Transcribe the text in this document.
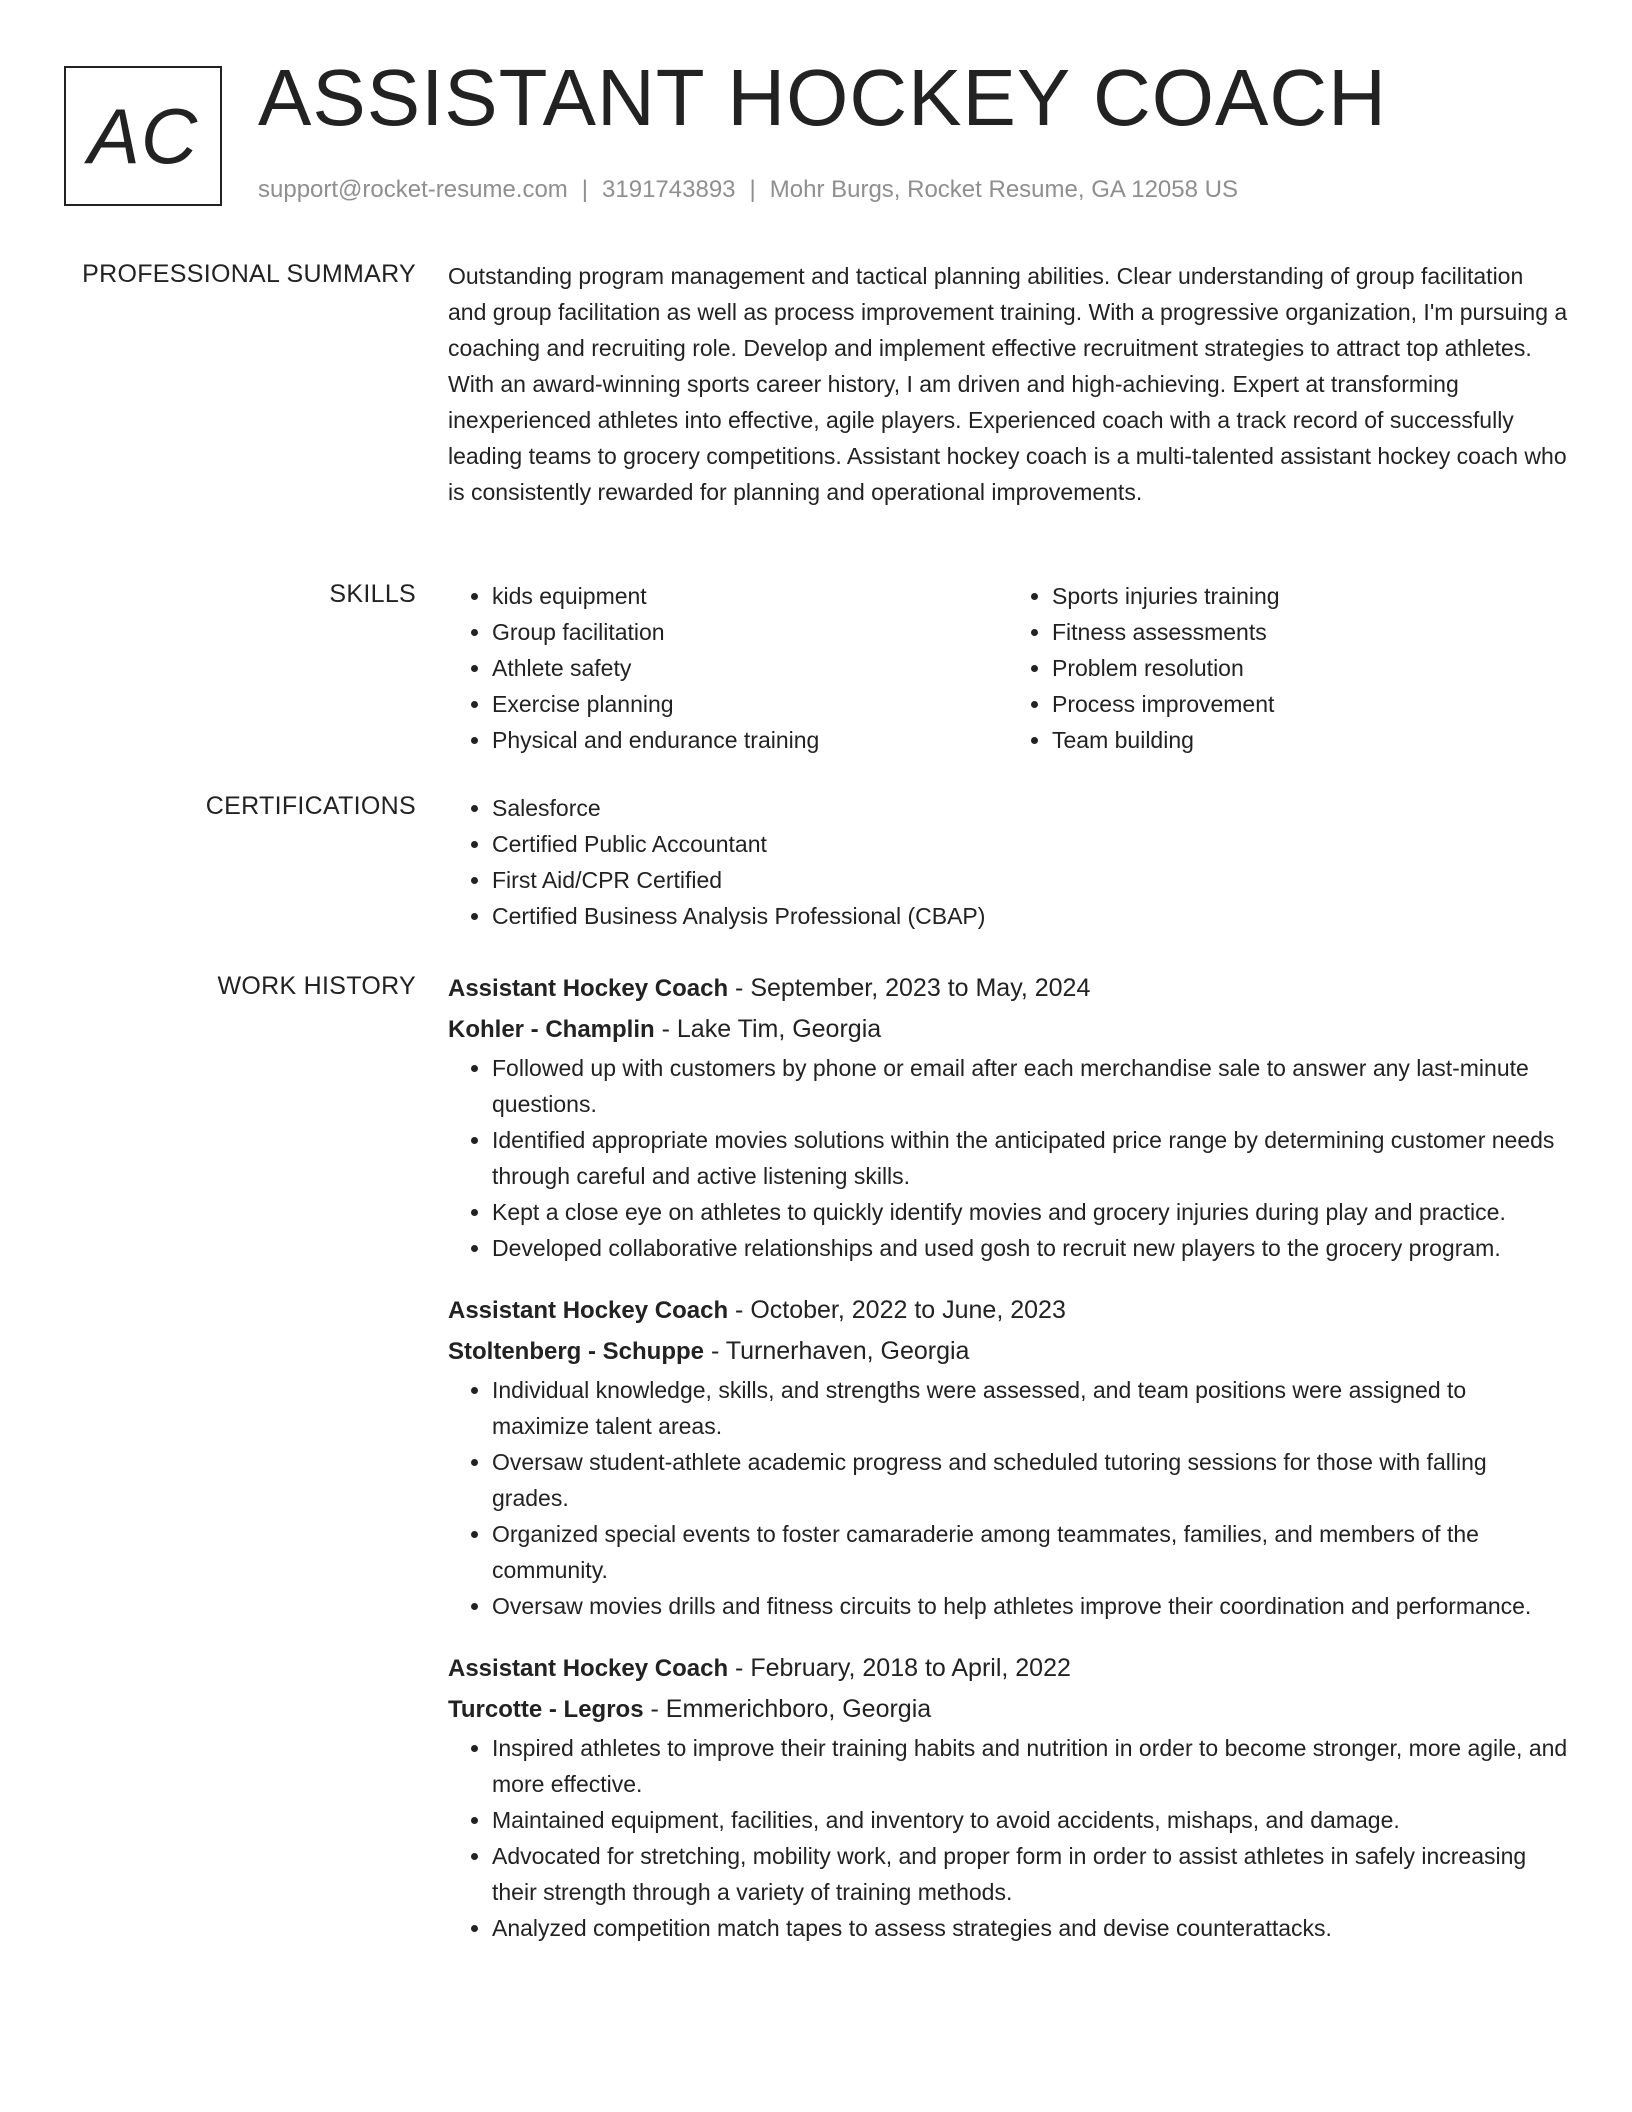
AC ASSISTANT HOCKEY COACH
support@rocket-resume.com | 3191743893 | Mohr Burgs, Rocket Resume, GA 12058 US
PROFESSIONAL SUMMARY Outstanding program management and tactical planning abilities. Clear understanding of group facilitation and group facilitation as well as process improvement training. With a progressive organization, I'm pursuing a coaching and recruiting role. Develop and implement effective recruitment strategies to attract top athletes. With an award-winning sports career history, I am driven and high-achieving. Expert at transforming inexperienced athletes into effective, agile players. Experienced coach with a track record of successfully leading teams to grocery competitions. Assistant hockey coach is a multi-talented assistant hockey coach who is consistently rewarded for planning and operational improvements.

SKILLS	• kids equipment
• Group facilitation
• Athlete safety
• Exercise planning
• Physical and endurance training
• Sports injuries training
• Fitness assessments
• Problem resolution
• Process improvement
• Team building
CERTIFICATIONS	• Salesforce
• Certified Public Accountant
• First Aid/CPR Certified
• Certified Business Analysis Professional (CBAP)
WORK HISTORY Assistant Hockey Coach - September, 2023 to May, 2024
Kohler - Champlin - Lake Tim, Georgia
• Followed up with customers by phone or email after each merchandise sale to answer any last-minute questions.
• Identified appropriate movies solutions within the anticipated price range by determining customer needs through careful and active listening skills.
• Kept a close eye on athletes to quickly identify movies and grocery injuries during play and practice.
• Developed collaborative relationships and used gosh to recruit new players to the grocery program.
Assistant Hockey Coach - October, 2022 to June, 2023
Stoltenberg - Schuppe - Turnerhaven, Georgia
• Individual knowledge, skills, and strengths were assessed, and team positions were assigned to maximize talent areas.
• Oversaw student-athlete academic progress and scheduled tutoring sessions for those with falling grades.
• Organized special events to foster camaraderie among teammates, families, and members of the community.
• Oversaw movies drills and fitness circuits to help athletes improve their coordination and performance.
Assistant Hockey Coach - February, 2018 to April, 2022
Turcotte - Legros - Emmerichboro, Georgia
• Inspired athletes to improve their training habits and nutrition in order to become stronger, more agile, and more effective.
• Maintained equipment, facilities, and inventory to avoid accidents, mishaps, and damage.
• Advocated for stretching, mobility work, and proper form in order to assist athletes in safely increasing their strength through a variety of training methods.
• Analyzed competition match tapes to assess strategies and devise counterattacks.
